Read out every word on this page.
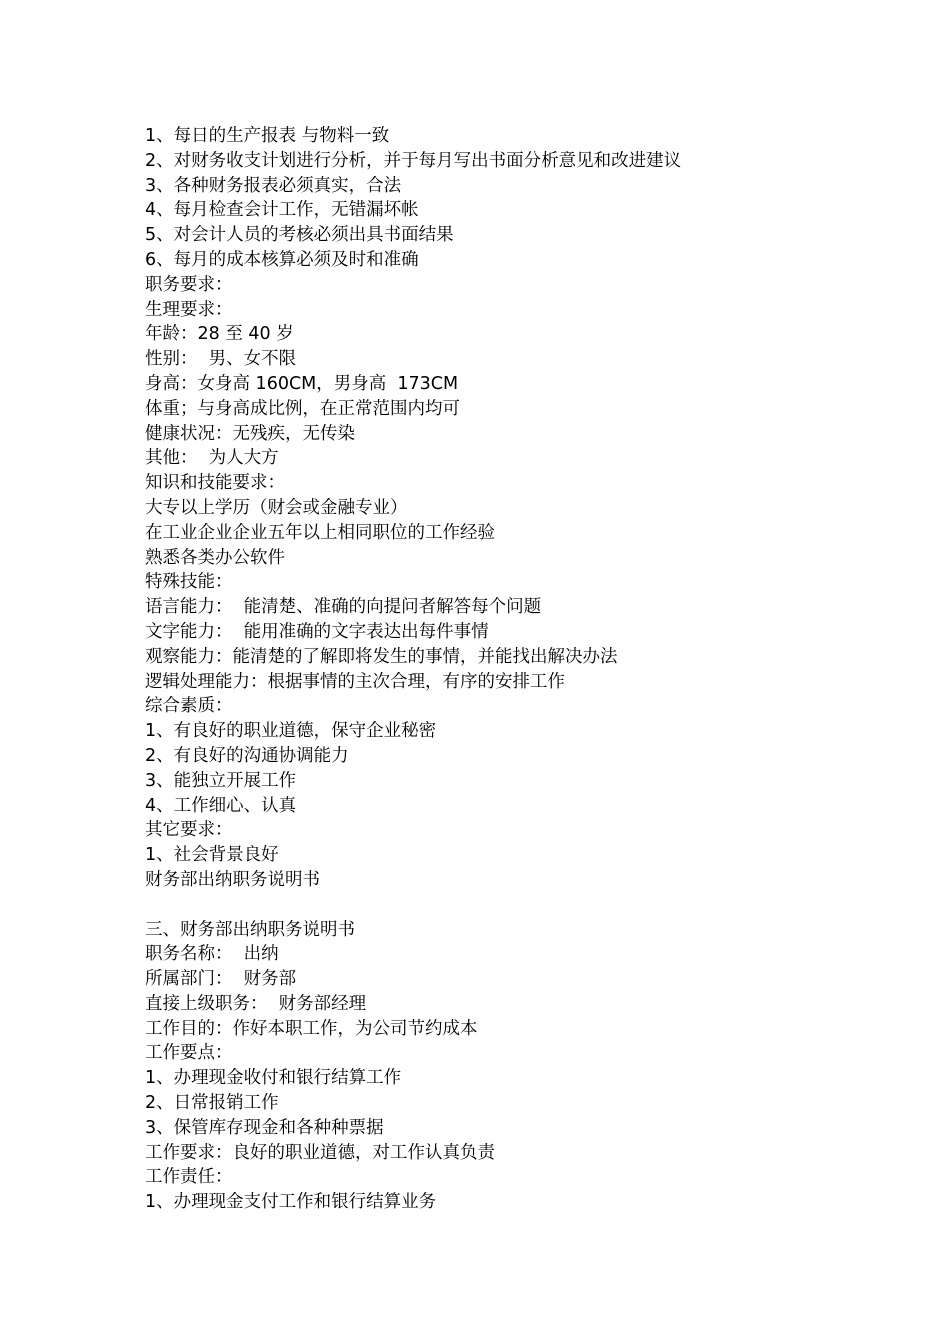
1、每日的生产报表 与物料一致
2、对财务收支计划进行分析，并于每月写出书面分析意见和改进建议
3、各种财务报表必须真实，合法
4、每月检查会计工作，无错漏坏帐
5、对会计人员的考核必须出具书面结果
6、每月的成本核算必须及时和准确
职务要求：
生理要求：
年龄：28 至 40 岁
性别：  男、女不限
身高：女身高 160CM，男身高  173CM
体重；与身高成比例，在正常范围内均可
健康状况：无残疾，无传染
其他：  为人大方
知识和技能要求：
大专以上学历（财会或金融专业）
在工业企业企业五年以上相同职位的工作经验
熟悉各类办公软件
特殊技能：
语言能力：  能清楚、准确的向提问者解答每个问题
文字能力：  能用准确的文字表达出每件事情
观察能力：能清楚的了解即将发生的事情，并能找出解决办法
逻辑处理能力：根据事情的主次合理，有序的安排工作
综合素质：
1、有良好的职业道德，保守企业秘密
2、有良好的沟通协调能力
3、能独立开展工作
4、工作细心、认真
其它要求：
1、社会背景良好
财务部出纳职务说明书
三、财务部出纳职务说明书
职务名称：  出纳
所属部门：  财务部
直接上级职务：  财务部经理
工作目的：作好本职工作，为公司节约成本
工作要点：
1、办理现金收付和银行结算工作
2、日常报销工作
3、保管库存现金和各种种票据
工作要求：良好的职业道德，对工作认真负责
工作责任：
1、办理现金支付工作和银行结算业务
